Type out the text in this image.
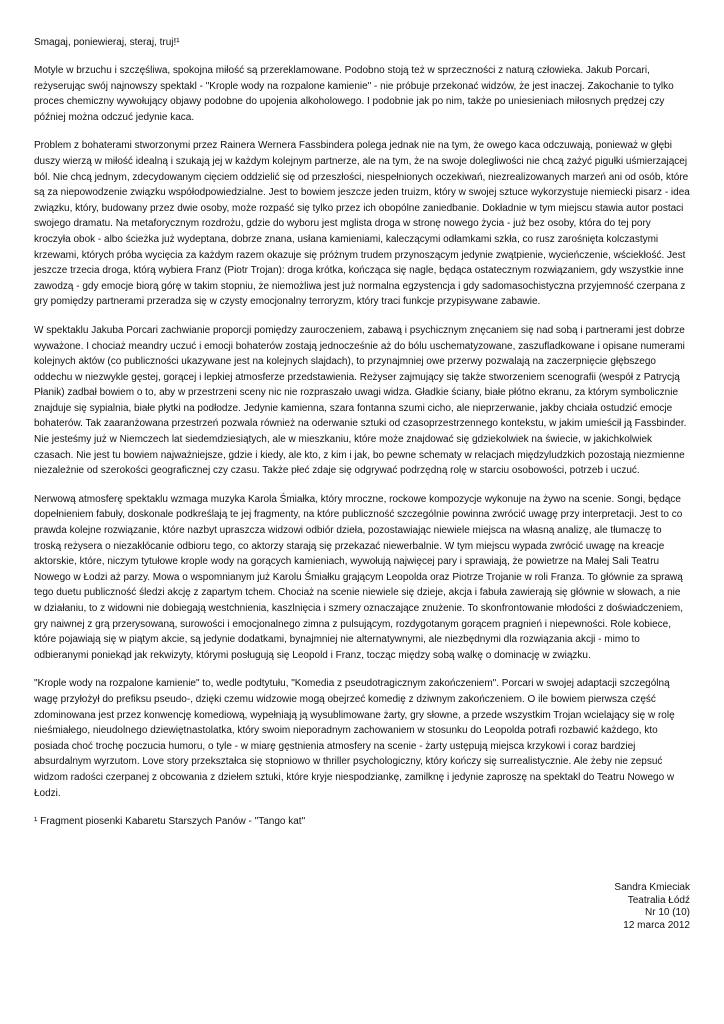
Smagaj, poniewieraj, steraj, truj!¹

Motyle w brzuchu i szczęśliwa, spokojna miłość są przereklamowane. Podobno stoją też w sprzeczności z naturą człowieka. Jakub Porcari, reżyserując swój najnowszy spektakl - "Krople wody na rozpalone kamienie" - nie próbuje przekonać widzów, że jest inaczej. Zakochanie to tylko proces chemiczny wywołujący objawy podobne do upojenia alkoholowego. I podobnie jak po nim, także po uniesieniach miłosnych prędzej czy później można odczuć jedynie kaca.

Problem z bohaterami stworzonymi przez Rainera Wernera Fassbindera polega jednak nie na tym, że owego kaca odczuwają, ponieważ w głębi duszy wierzą w miłość idealną i szukają jej w każdym kolejnym partnerze, ale na tym, że na swoje dolegliwości nie chcą zażyć pigułki uśmierzającej ból. Nie chcą jednym, zdecydowanym cięciem oddzielić się od przeszłości, niespełnionych oczekiwań, niezrealizowanych marzeń ani od osób, które są za niepowodzenie związku współodpowiedzialne. Jest to bowiem jeszcze jeden truizm, który w swojej sztuce wykorzystuje niemiecki pisarz - idea związku, który, budowany przez dwie osoby, może rozpaść się tylko przez ich obopólne zaniedbanie. Dokładnie w tym miejscu stawia autor postaci swojego dramatu. Na metaforycznym rozdrożu, gdzie do wyboru jest mglista droga w stronę nowego życia - już bez osoby, która do tej pory kroczyła obok - albo ścieżka już wydeptana, dobrze znana, usłana kamieniami, kaleczącymi odłamkami szkła, co rusz zarośnięta kolczastymi krzewami, których próba wycięcia za każdym razem okazuje się próżnym trudem przynoszącym jedynie zwątpienie, wycieńczenie, wściekłość. Jest jeszcze trzecia droga, którą wybiera Franz (Piotr Trojan): droga krótka, kończąca się nagle, będąca ostatecznym rozwiązaniem, gdy wszystkie inne zawodzą - gdy emocje biorą górę w takim stopniu, że niemożliwa jest już normalna egzystencja i gdy sadomasochistyczna przyjemność czerpana z gry pomiędzy partnerami przeradza się w czysty emocjonalny terroryzm, który traci funkcje przypisywane zabawie.

W spektaklu Jakuba Porcari zachwianie proporcji pomiędzy zauroczeniem, zabawą i psychicznym znęcaniem się nad sobą i partnerami jest dobrze wyważone. I chociaż meandry uczuć i emocji bohaterów zostają jednocześnie aż do bólu uschematyzowane, zaszufladkowane i opisane numerami kolejnych aktów (co publiczności ukazywane jest na kolejnych slajdach), to przynajmniej owe przerwy pozwalają na zaczerpnięcie głębszego oddechu w niezwykle gęstej, gorącej i lepkiej atmosferze przedstawienia. Reżyser zajmujący się także stworzeniem scenografii (wespół z Patrycją Płanik) zadbał bowiem o to, aby w przestrzeni sceny nic nie rozpraszało uwagi widza. Gładkie ściany, białe płótno ekranu, za którym symbolicznie znajduje się sypialnia, białe płytki na podłodze. Jedynie kamienna, szara fontanna szumi cicho, ale nieprzerwanie, jakby chciała ostudzić emocje bohaterów. Tak zaaranżowana przestrzeń pozwala również na oderwanie sztuki od czasoprzestrzennego kontekstu, w jakim umieścił ją Fassbinder. Nie jesteśmy już w Niemczech lat siedemdziesiątych, ale w mieszkaniu, które może znajdować się gdziekolwiek na świecie, w jakichkolwiek czasach. Nie jest tu bowiem najważniejsze, gdzie i kiedy, ale kto, z kim i jak, bo pewne schematy w relacjach międzyludzkich pozostają niezmienne niezależnie od szerokości geograficznej czy czasu. Także płeć zdaje się odgrywać podrzędną rolę w starciu osobowości, potrzeb i uczuć.

Nerwową atmosferę spektaklu wzmaga muzyka Karola Śmiałka, który mroczne, rockowe kompozycje wykonuje na żywo na scenie. Songi, będące dopełnieniem fabuły, doskonale podkreślają te jej fragmenty, na które publiczność szczególnie powinna zwrócić uwagę przy interpretacji. Jest to co prawda kolejne rozwiązanie, które nazbyt upraszcza widzowi odbiór dzieła, pozostawiając niewiele miejsca na własną analizę, ale tłumaczę to troską reżysera o niezakłócanie odbioru tego, co aktorzy starają się przekazać niewerbalnie. W tym miejscu wypada zwrócić uwagę na kreacje aktorskie, które, niczym tytułowe krople wody na gorących kamieniach, wywołują najwięcej pary i sprawiają, że powietrze na Małej Sali Teatru Nowego w Łodzi aż parzy. Mowa o wspomnianym już Karolu Śmiałku grającym Leopolda oraz Piotrze Trojanie w roli Franza. To głównie za sprawą tego duetu publiczność śledzi akcję z zapartym tchem. Chociaż na scenie niewiele się dzieje, akcja i fabuła zawierają się głównie w słowach, a nie w działaniu, to z widowni nie dobiegają westchnienia, kaszlnięcia i szmery oznaczające znużenie. To skonfrontowanie młodości z doświadczeniem, gry naiwnej z grą przerysowaną, surowości i emocjonalnego zimna z pulsującym, rozdygotanym gorącem pragnień i niepewności. Role kobiece, które pojawiają się w piątym akcie, są jedynie dodatkami, bynajmniej nie alternatywnymi, ale niezbędnymi dla rozwiązania akcji - mimo to odbieranymi poniekąd jak rekwizyty, którymi posługują się Leopold i Franz, tocząc między sobą walkę o dominację w związku.

"Krople wody na rozpalone kamienie" to, wedle podtytułu, "Komedia z pseudotragicznym zakończeniem". Porcari w swojej adaptacji szczególną wagę przyłożył do prefiksu pseudo-, dzięki czemu widzowie mogą obejrzeć komedię z dziwnym zakończeniem. O ile bowiem pierwsza część zdominowana jest przez konwencję komediową, wypełniają ją wysublimowane żarty, gry słowne, a przede wszystkim Trojan wcielający się w rolę nieśmiałego, nieudolnego dziewiętnastolatka, który swoim nieporadnym zachowaniem w stosunku do Leopolda potrafi rozbawić każdego, kto posiada choć trochę poczucia humoru, o tyle - w miarę gęstnienia atmosfery na scenie - żarty ustępują miejsca krzykowi i coraz bardziej absurdalnym wyrzutom. Love story przekształca się stopniowo w thriller psychologiczny, który kończy się surrealistycznie. Ale żeby nie zepsuć widzom radości czerpanej z obcowania z dziełem sztuki, które kryje niespodziankę, zamilknę i jedynie zaproszę na spektakl do Teatru Nowego w Łodzi.

¹ Fragment piosenki Kabaretu Starszych Panów - "Tango kat"

Sandra Kmieciak
Teatralia Łódź
Nr 10 (10)
12 marca 2012
